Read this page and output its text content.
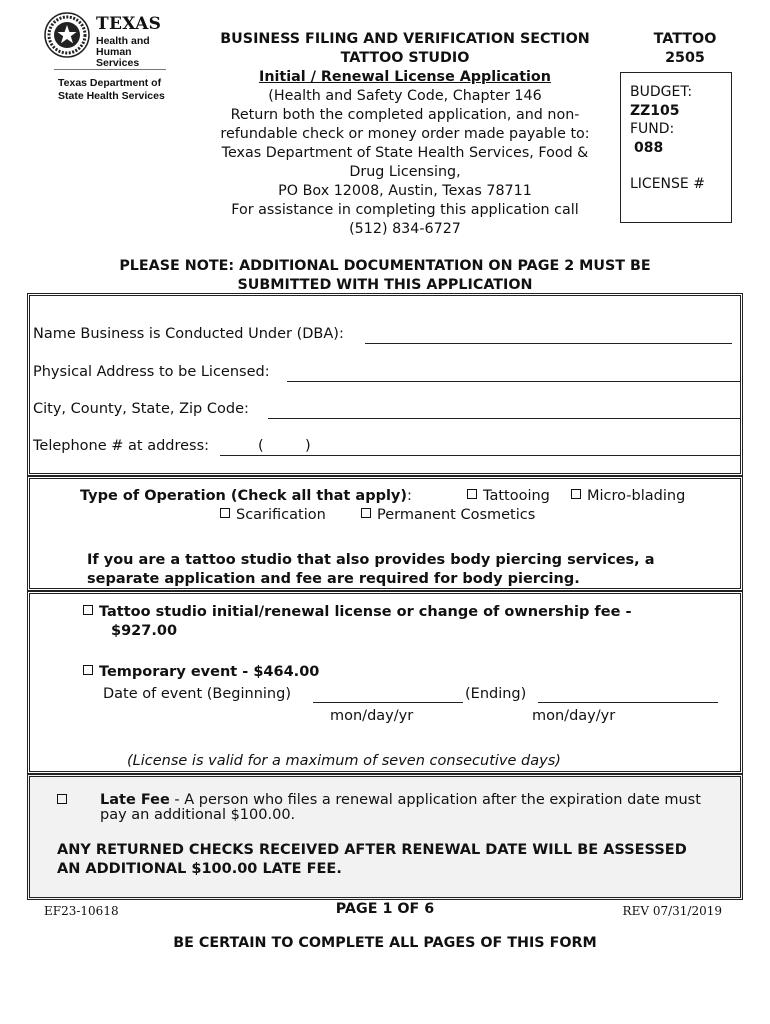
TEXAS
Health and Human Services
Texas Department of State Health Services
BUSINESS FILING AND VERIFICATION SECTION
TATTOO STUDIO
Initial / Renewal License Application
(Health and Safety Code, Chapter 146
Return both the completed application, and non-
refundable check or money order made payable to:
Texas Department of State Health Services, Food &
Drug Licensing,
PO Box 12008, Austin, Texas 78711
For assistance in completing this application call
(512) 834-6727
TATTOO
2505
BUDGET:
ZZ105
FUND:
088
LICENSE #
PLEASE NOTE: ADDITIONAL DOCUMENTATION ON PAGE 2 MUST BE
SUBMITTED WITH THIS APPLICATION
Name Business is Conducted Under (DBA):
Physical Address to be Licensed:
City, County, State, Zip Code:
Telephone # at address:	(	)
Type of Operation (Check all that apply):	Tattooing	Micro-blading
Scarification	Permanent Cosmetics
If you are a tattoo studio that also provides body piercing services, a
separate application and fee are required for body piercing.
Tattoo studio initial/renewal license or change of ownership fee -
$927.00
Temporary event - $464.00
Date of event (Beginning)	(Ending)
mon/day/yr	mon/day/yr
(License is valid for a maximum of seven consecutive days)
Late Fee - A person who files a renewal application after the expiration date must
pay an additional $100.00.
ANY RETURNED CHECKS RECEIVED AFTER RENEWAL DATE WILL BE ASSESSED
AN ADDITIONAL $100.00 LATE FEE.
EF23-10618	PAGE 1 OF 6	REV 07/31/2019
BE CERTAIN TO COMPLETE ALL PAGES OF THIS FORM
